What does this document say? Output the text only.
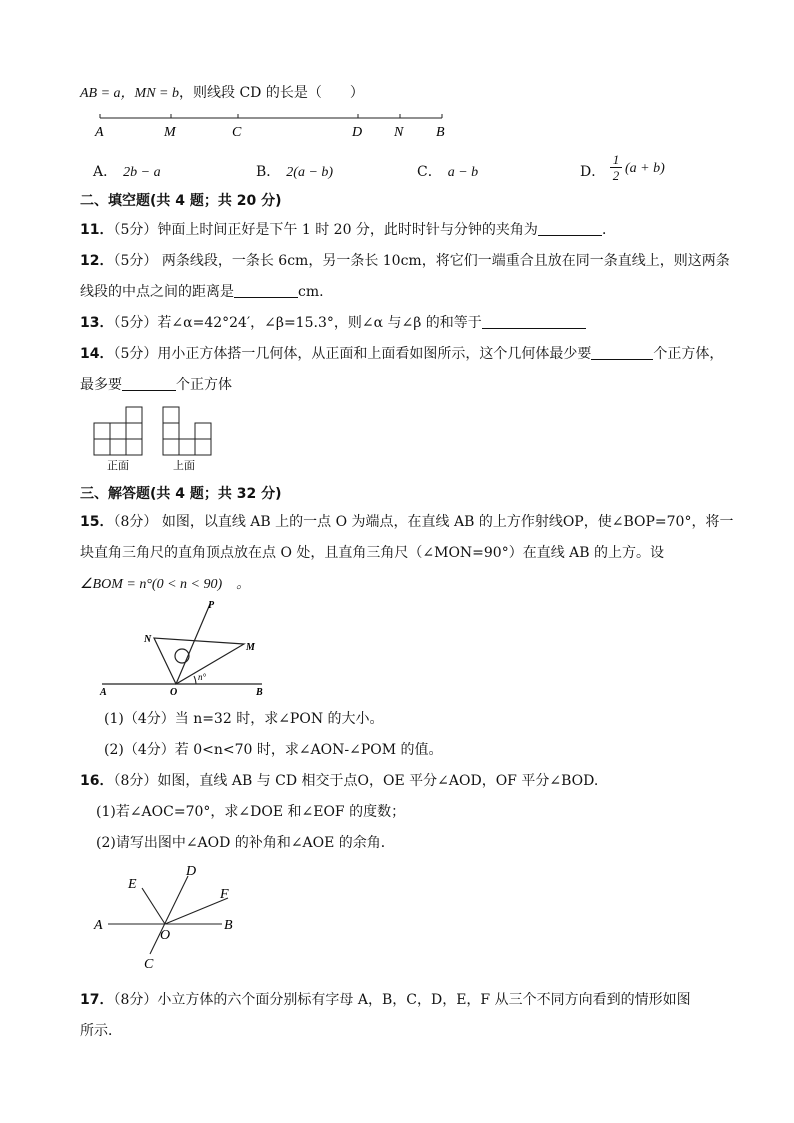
AB = a，MN = b，则线段 CD 的长是（　　）
A	M	C	D N B
A． 2b − a	B． 2(a − b)	C． a − b	D． $\frac{1}{2} (a + b)$
二、填空题(共 4 题；共 20 分)
11．（5分）钟面上时间正好是下午 1 时 20 分，此时时针与分钟的夹角为	．
12．（5分） 两条线段，一条长 6cm，另一条长 10cm，将它们一端重合且放在同一条直线上，则这两条
线段的中点之间的距离是	cm.
13．（5分）若∠α=42°24′，∠β=15.3°，则∠α 与∠β 的和等于
14．（5分）用小正方体搭一几何体，从正面和上面看如图所示，这个几何体最少要	个正方体，
最多要	个正方体
正面	上面
三、解答题(共 4 题；共 32 分)
15．（8分） 如图，以直线 AB 上的一点 O 为端点，在直线 AB 的上方作射线OP，使∠BOP=70°，将一
块直角三角尺的直角顶点放在点 O 处，且直角三角尺（∠MON=90°）在直线 AB 的上方。设
∠BOM = n°(0 < n < 90)　。
P
N
M
A	O	B
n°
(1)（4分）当 n=32 时，求∠PON 的大小。
(2)（4分）若 0<n<70 时，求∠AON-∠POM 的值。
16．（8分）如图，直线 AB 与 CD 相交于点O，OE 平分∠AOD，OF 平分∠BOD.
(1)若∠AOC=70°，求∠DOE 和∠EOF 的度数；
(2)请写出图中∠AOD 的补角和∠AOE 的余角．
E
D
F
A
O
B
C
17．（8分）小立方体的六个面分别标有字母 A，B，C，D，E，F 从三个不同方向看到的情形如图
所示．
